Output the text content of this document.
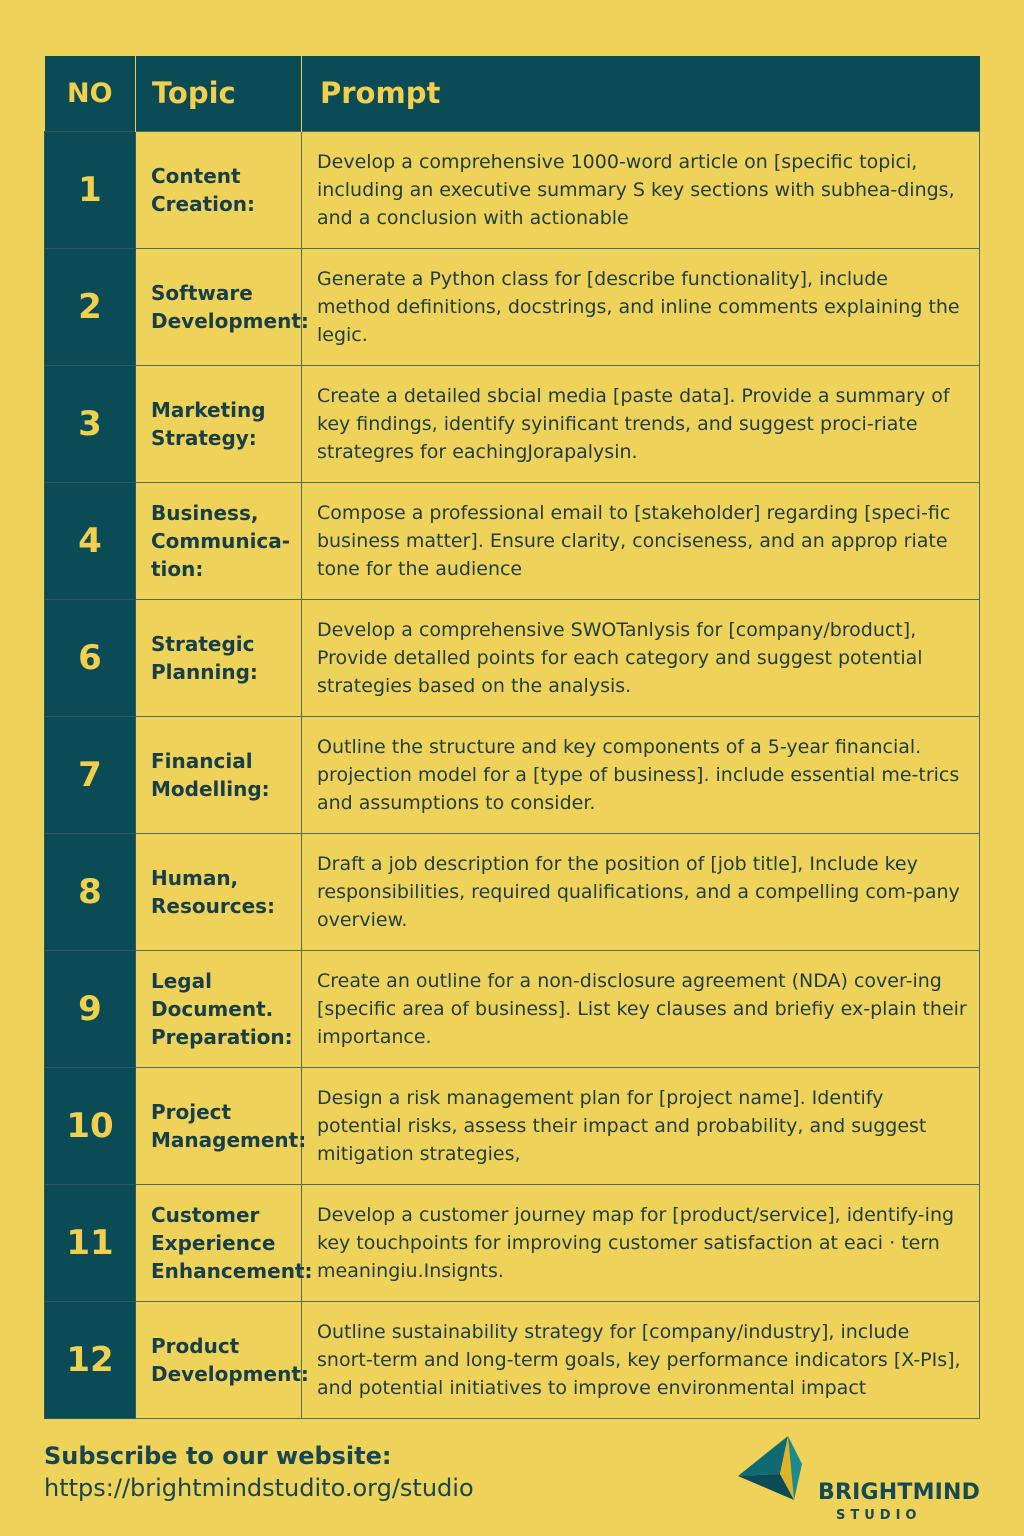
NO	Topic	Prompt
1	Content Creation:	Develop a comprehensive 1000-word article on [specific topici, including an executive summary S key sections with subhea-dings, and a conclusion with actionable
2	Software Development:	Generate a Python class for [describe functionality], include method definitions, docstrings, and inline comments explaining the legic.
3	Marketing Strategy:	Create a detailed sbcial media [paste data]. Provide a summary of key findings, identify syinificant trends, and suggest proci-riate strategres for eachingJorapalysin.
4	Business, Communica-tion:	Compose a professional email to [stakeholder] regarding [speci-fic business matter]. Ensure clarity, conciseness, and an approp riate tone for the audience
6	Strategic Planning:	Develop a comprehensive SWOTanlysis for [company/broduct], Provide detalled points for each category and suggest potential strategies based on the analysis.
7	Financial Modelling:	Outline the structure and key components of a 5-year financial. projection model for a [type of business]. include essential me-trics and assumptions to consider.
8	Human, Resources:	Draft a job description for the position of [job title], Include key responsibilities, required qualifications, and a compelling com-pany overview.
9	Legal Document. Preparation:	Create an outline for a non-disclosure agreement (NDA) cover-ing [specific area of business]. List key clauses and briefiy ex-plain their importance.
10	Project Management:	Design a risk management plan for [project name]. Identify potential risks, assess their impact and probability, and suggest mitigation strategies,
11	Customer Experience Enhancement:	Develop a customer journey map for [product/service], identify-ing key touchpoints for improving customer satisfaction at eaci · tern meaningiu.Insignts.
12	Product Development:	Outline sustainability strategy for [company/industry], include snort-term and long-term goals, key performance indicators [X-PIs], and potential initiatives to improve environmental impact
Subscribe to our website:
https://brightmindstudito.org/studio	BRIGHTMIND
STUDIO
